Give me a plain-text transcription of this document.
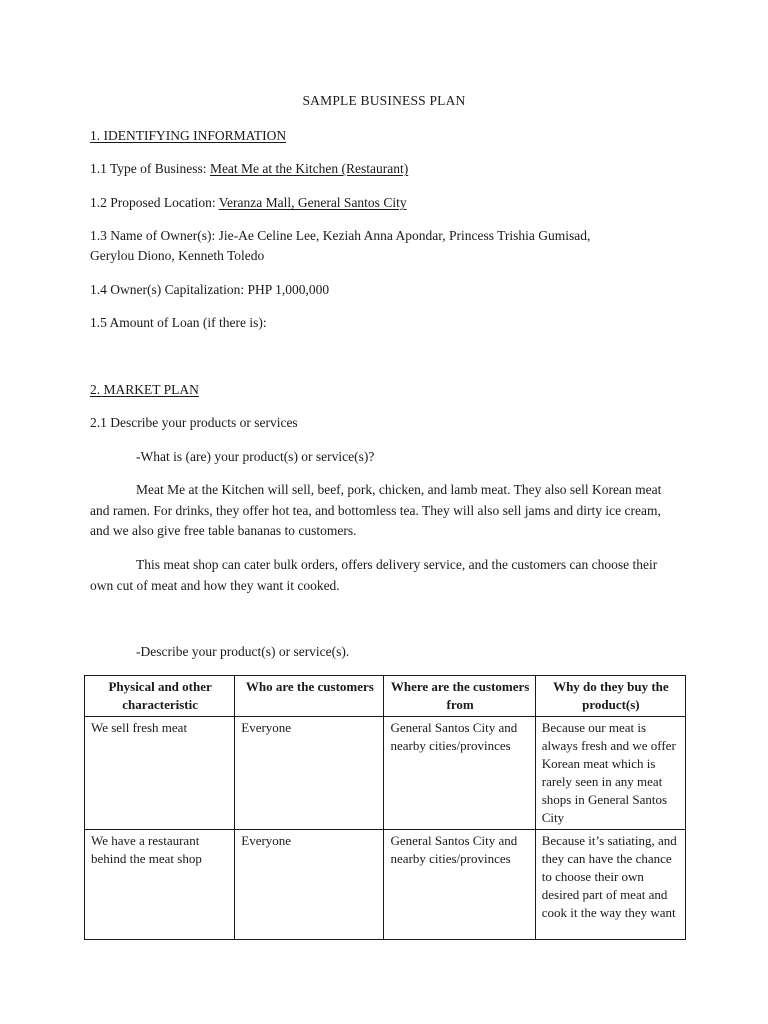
SAMPLE BUSINESS PLAN
1. IDENTIFYING INFORMATION
1.1 Type of Business: Meat Me at the Kitchen (Restaurant)
1.2 Proposed Location: Veranza Mall, General Santos City
1.3 Name of Owner(s): Jie-Ae Celine Lee, Keziah Anna Apondar, Princess Trishia Gumisad,
Gerylou Diono, Kenneth Toledo
1.4 Owner(s) Capitalization: PHP 1,000,000
1.5 Amount of Loan (if there is):
2. MARKET PLAN
2.1 Describe your products or services
-What is (are) your product(s) or service(s)?
Meat Me at the Kitchen will sell, beef, pork, chicken, and lamb meat. They also sell Korean meat and ramen. For drinks, they offer hot tea, and bottomless tea. They will also sell jams and dirty ice cream, and we also give free table bananas to customers.
This meat shop can cater bulk orders, offers delivery service, and the customers can choose their own cut of meat and how they want it cooked.
-Describe your product(s) or service(s).
Physical and other characteristic	Who are the customers	Where are the customers from	Why do they buy the product(s)
We sell fresh meat	Everyone	General Santos City and nearby cities/provinces	Because our meat is always fresh and we offer Korean meat which is rarely seen in any meat shops in General Santos City
We have a restaurant behind the meat shop	Everyone	General Santos City and nearby cities/provinces	Because it’s satiating, and they can have the chance to choose their own desired part of meat and cook it the way they want
